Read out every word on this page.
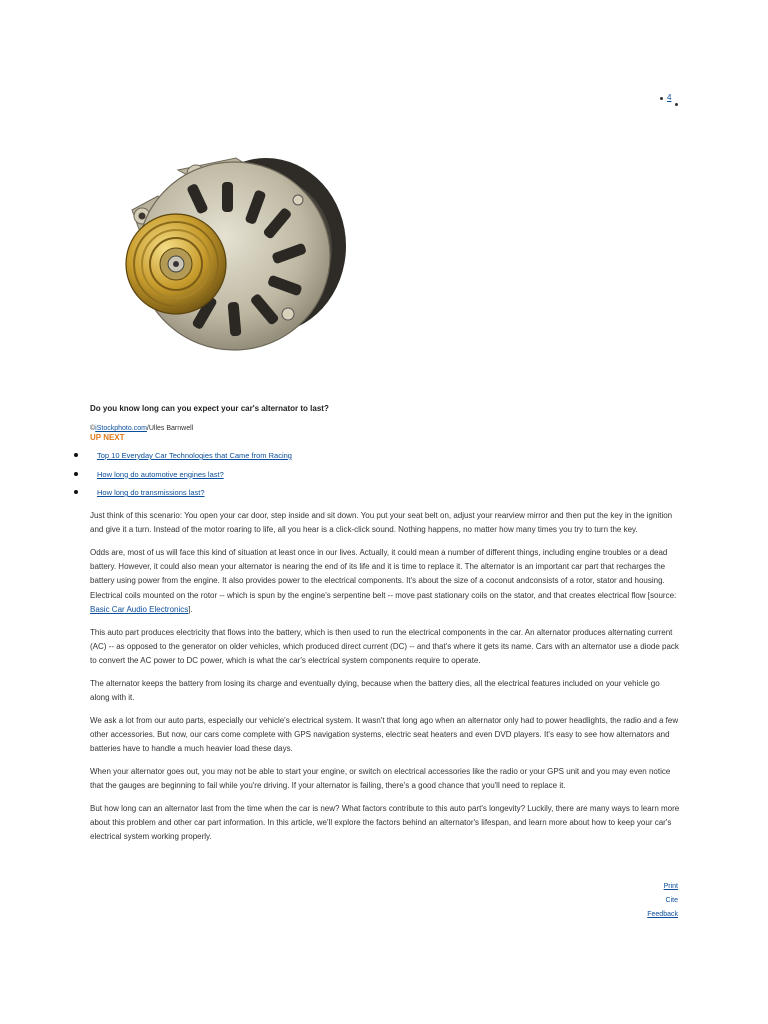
4
Do you know long can you expect your car's alternator to last?
©iStockphoto.com/Ulles Barnwell
UP NEXT
Top 10 Everyday Car Technologies that Came from Racing
How long do automotive engines last?
How long do transmissions last?

Just think of this scenario: You open your car door, step inside and sit down. You put your seat belt on, adjust your rearview mirror and then put the key in the ignition and give it a turn. Instead of the motor roaring to life, all you hear is a click-click sound. Nothing happens, no matter how many times you try to turn the key.

Odds are, most of us will face this kind of situation at least once in our lives. Actually, it could mean a number of different things, including engine troubles or a dead battery. However, it could also mean your alternator is nearing the end of its life and it is time to replace it. The alternator is an important car part that recharges the battery using power from the engine. It also provides power to the electrical components. It's about the size of a coconut andconsists of a rotor, stator and housing. Electrical coils mounted on the rotor -- which is spun by the engine's serpentine belt -- move past stationary coils on the stator, and that creates electrical flow [source: Basic Car Audio Electronics].

This auto part produces electricity that flows into the battery, which is then used to run the electrical components in the car. An alternator produces alternating current (AC) -- as opposed to the generator on older vehicles, which produced direct current (DC) -- and that's where it gets its name. Cars with an alternator use a diode pack to convert the AC power to DC power, which is what the car's electrical system components require to operate.

The alternator keeps the battery from losing its charge and eventually dying, because when the battery dies, all the electrical features included on your vehicle go along with it.

We ask a lot from our auto parts, especially our vehicle's electrical system. It wasn't that long ago when an alternator only had to power headlights, the radio and a few other accessories. But now, our cars come complete with GPS navigation systems, electric seat heaters and even DVD players. It's easy to see how alternators and batteries have to handle a much heavier load these days.

When your alternator goes out, you may not be able to start your engine, or switch on electrical accessories like the radio or your GPS unit and you may even notice that the gauges are beginning to fail while you're driving. If your alternator is failing, there's a good chance that you'll need to replace it.

But how long can an alternator last from the time when the car is new? What factors contribute to this auto part's longevity? Luckily, there are many ways to learn more about this problem and other car part information. In this article, we'll explore the factors behind an alternator's lifespan, and learn more about how to keep your car's electrical system working properly.

Print
Cite
Feedback
